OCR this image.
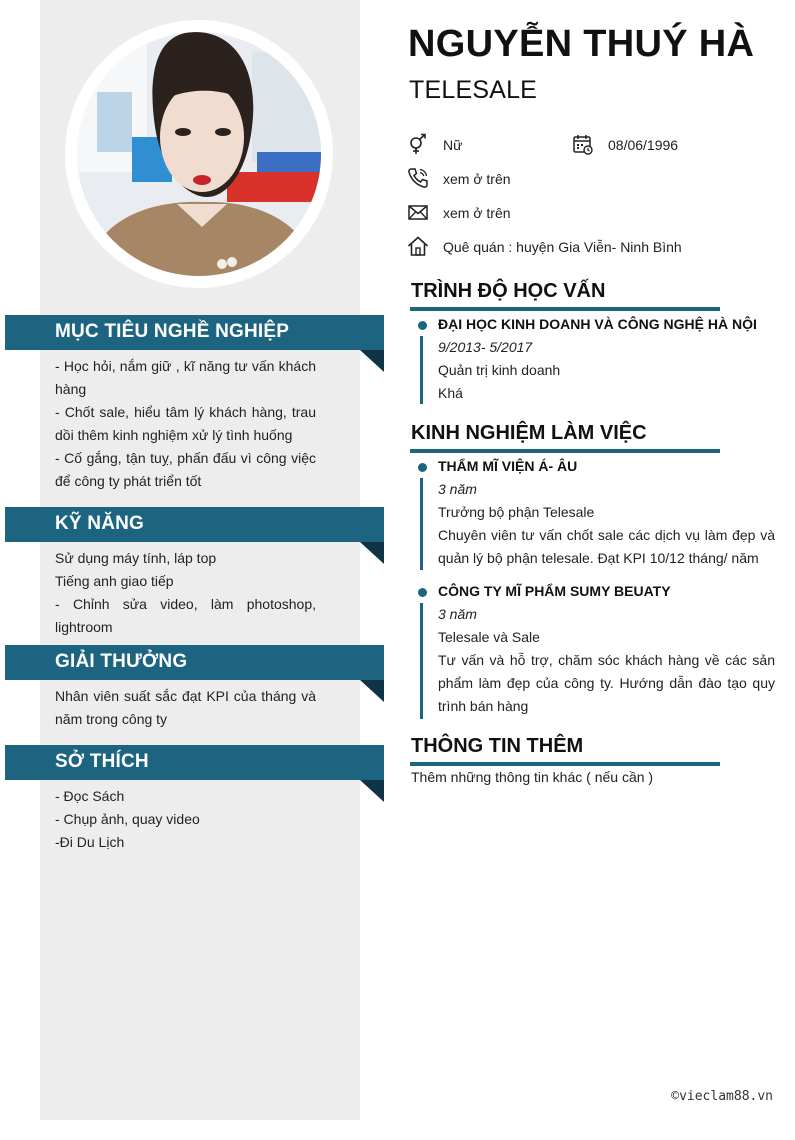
MỤC TIÊU NGHỀ NGHIỆP

- Học hỏi, nắm giữ , kĩ năng tư vấn khách hàng

- Chốt sale, hiểu tâm lý khách hàng, trau dồi thêm kinh nghiệm xử lý tình huống

- Cố gắng, tận tuỵ, phấn đấu vì công việc để công ty phát triển tốt

KỸ NĂNG

Sử dụng máy tính, láp top

Tiếng anh giao tiếp

- Chỉnh sửa video, làm photoshop, lightroom

GIẢI THƯỞNG

Nhân viên suất sắc đạt KPI của tháng và năm trong công ty

SỞ THÍCH

- Đọc Sách

- Chụp ảnh, quay video

-Đi Du Lịch

NGUYỄN THUÝ HÀ
TELESALE
Nữ	08/06/1996
xem ở trên
xem ở trên
Quê quán : huyện Gia Viễn- Ninh Bình
TRÌNH ĐỘ HỌC VẤN
ĐẠI HỌC KINH DOANH VÀ CÔNG NGHỆ HÀ NỘI
9/2013- 5/2017
Quản trị kinh doanh
Khá
KINH NGHIỆM LÀM VIỆC
THẨM MĨ VIỆN Á- ÂU
3 năm
Trưởng bộ phận Telesale
Chuyên viên tư vấn chốt sale các dịch vụ làm đẹp và quản lý bộ phận telesale. Đạt KPI 10/12 tháng/ năm
CÔNG TY MĨ PHẨM SUMY BEUATY
3 năm
Telesale và Sale
Tư vấn và hỗ trợ, chăm sóc khách hàng về các sản phẩm làm đẹp của công ty. Hướng dẫn đào tạo quy trình bán hàng
THÔNG TIN THÊM
Thêm những thông tin khác ( nếu cần )
©vieclam88.vn
